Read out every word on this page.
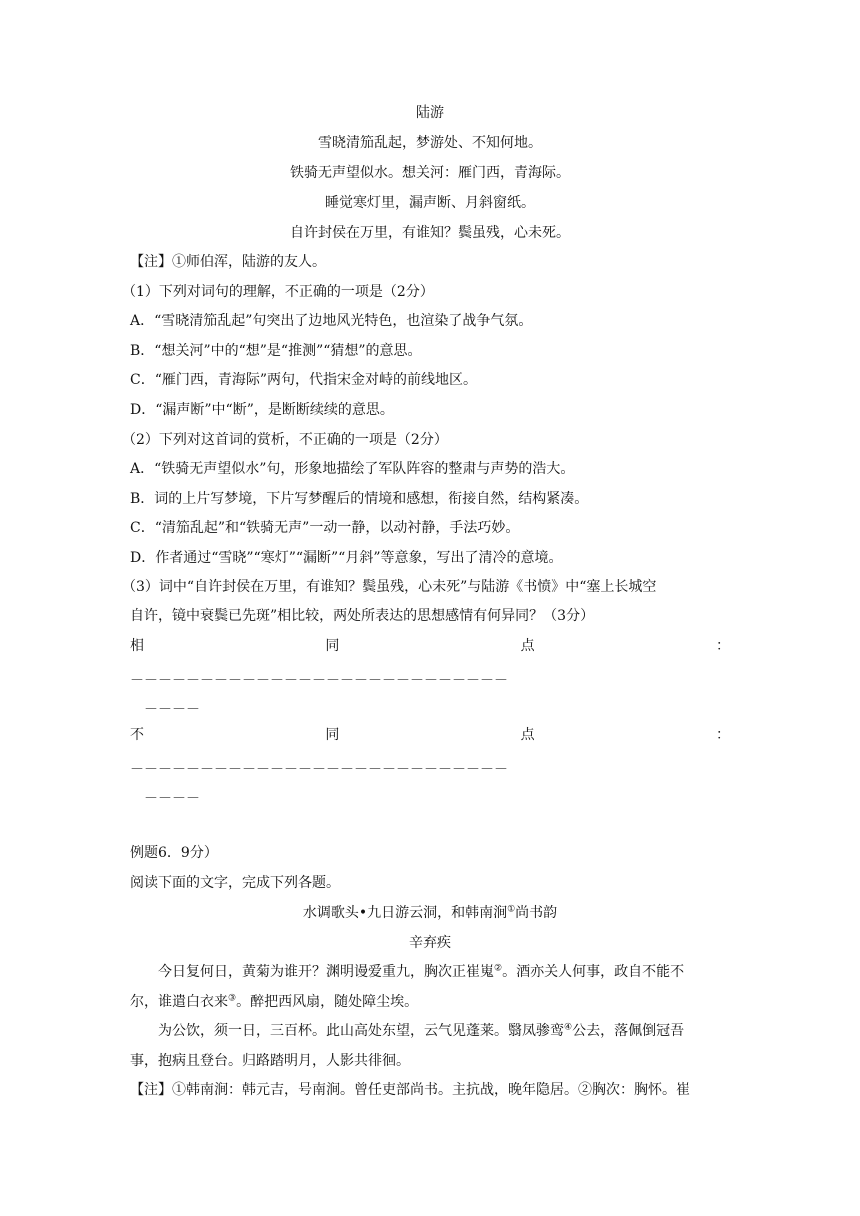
陆游
雪晓清笳乱起，梦游处、不知何地。
铁骑无声望似水。想关河：雁门西，青海际。
睡觉寒灯里，漏声断、月斜窗纸。
自许封侯在万里，有谁知？鬓虽残，心未死。
【注】①师伯浑，陆游的友人。
（1）下列对词句的理解，不正确的一项是（2分）
A．“雪晓清笳乱起”句突出了边地风光特色，也渲染了战争气氛。
B．“想关河”中的“想”是“推测”“猜想”的意思。
C．“雁门西，青海际”两句，代指宋金对峙的前线地区。
D．“漏声断”中“断”，是断断续续的意思。
（2）下列对这首词的赏析，不正确的一项是（2分）
A．“铁骑无声望似水”句，形象地描绘了军队阵容的整肃与声势的浩大。
B．词的上片写梦境，下片写梦醒后的情境和感想，衔接自然，结构紧凑。
C．“清笳乱起”和“铁骑无声”一动一静，以动衬静，手法巧妙。
D．作者通过“雪晓”“寒灯”“漏断”“月斜”等意象，写出了清冷的意境。
（3）词中“自许封侯在万里，有谁知？鬓虽残，心未死”与陆游《书愤》中“塞上长城空
自许，镜中衰鬓已先斑”相比较，两处所表达的思想感情有何异同？（3分）
相	同	点	：
－－－－－－－－－－－－－－－－－－－－－－－－－－－
－－－－
不	同	点	：
－－－－－－－－－－－－－－－－－－－－－－－－－－－
－－－－
例题6．9分）
阅读下面的文字，完成下列各题。
水调歌头•九日游云洞，和韩南涧①尚书韵
辛弃疾
今日复何日，黄菊为谁开？渊明谩爱重九，胸次正崔嵬②。酒亦关人何事，政自不能不
尔，谁遣白衣来③。醉把西风扇，随处障尘埃。
为公饮，须一日，三百杯。此山高处东望，云气见蓬莱。翳凤骖鸾④公去，落佩倒冠吾
事，抱病且登台。归路踏明月，人影共徘徊。
【注】①韩南涧：韩元吉，号南涧。曾任吏部尚书。主抗战，晚年隐居。②胸次：胸怀。崔
